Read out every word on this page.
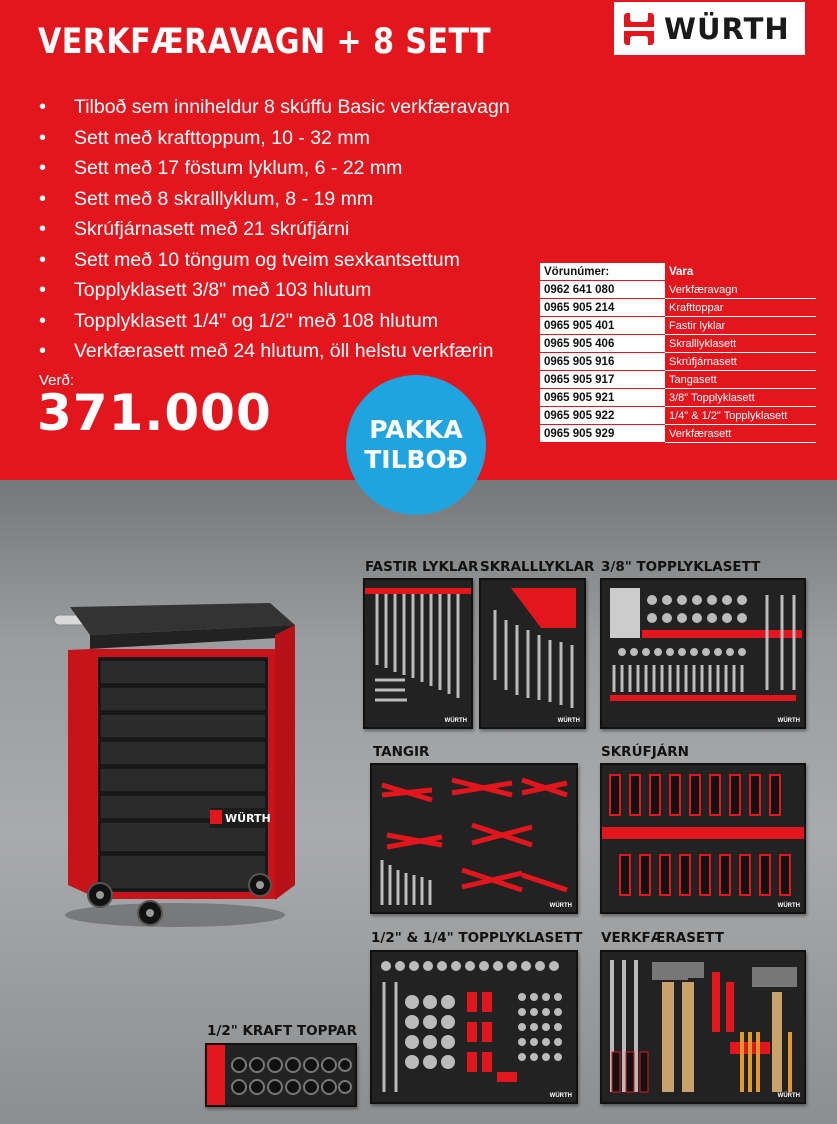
VERKFÆRAVAGN + 8 SETT	WÜRTH
• Tilboð sem inniheldur 8 skúffu Basic verkfæravagn
• Sett með krafttoppum, 10 - 32 mm
• Sett með 17 föstum lyklum, 6 - 22 mm
• Sett með 8 skralllyklum, 8 - 19 mm
• Skrúfjárnasett með 21 skrúfjárni
• Sett með 10 töngum og tveim sexkantsettum
• Topplyklasett 3/8" með 103 hlutum
• Topplyklasett 1/4" og 1/2" með 108 hlutum
• Verkfærasett með 24 hlutum, öll helstu verkfærin
Verð:
371.000
Vörunúmer:	Vara
0962 641 080	Verkfæravagn
0965 905 214	Krafttoppar
0965 905 401	Fastir lyklar
0965 905 406	Skralllyklasett
0965 905 916	Skrúfjárnasett
0965 905 917	Tangasett
0965 905 921	3/8" Topplyklasett
0965 905 922	1/4" & 1/2" Topplyklasett
0965 905 929	Verkfærasett
PAKKA
TILBOÐ
WÜRTH
FASTIR LYKLAR SKRALLLYKLAR 3/8" TOPPLYKLASETT
TANGIR	SKRÚFJÁRN
1/2" & 1/4" TOPPLYKLASETT VERKFÆRASETT
1/2" KRAFT TOPPAR
WÜRTH	WÜRTH	WÜRTH
WÜRTH	WÜRTH
WÜRTH	WÜRTH
